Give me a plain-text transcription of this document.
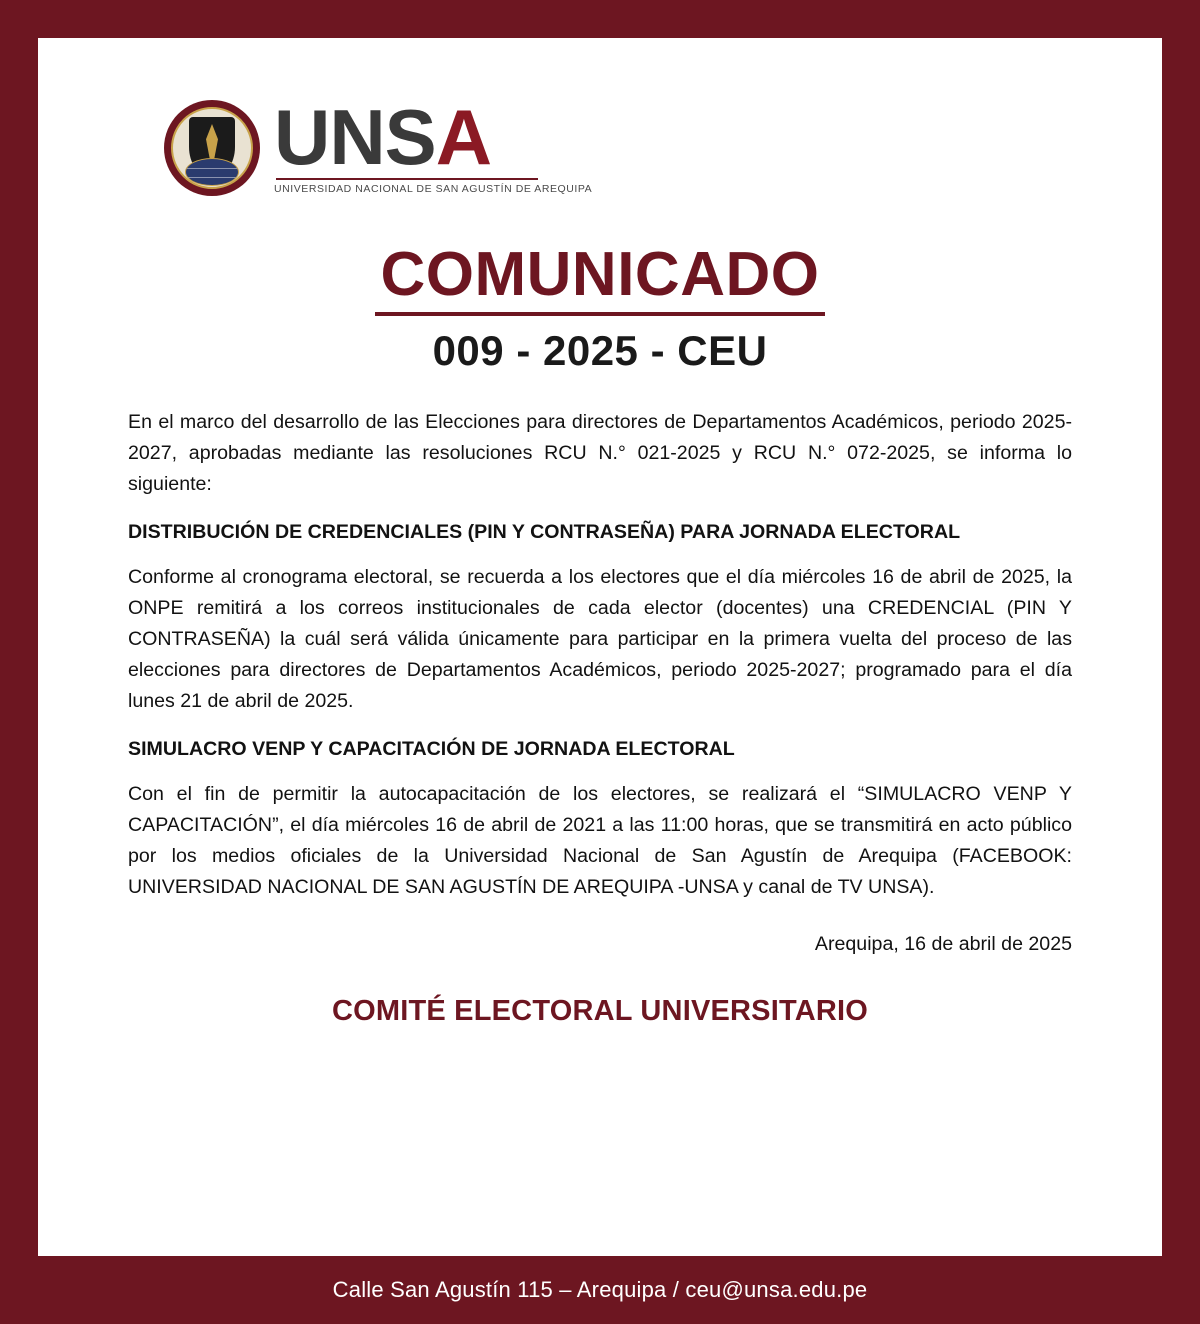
UNSA
UNIVERSIDAD NACIONAL DE SAN AGUSTÍN DE AREQUIPA
COMUNICADO
009 - 2025 - CEU

En el marco del desarrollo de las Elecciones para directores de Departamentos Académicos, periodo 2025-2027, aprobadas mediante las resoluciones RCU N.° 021-2025 y RCU N.° 072-2025, se informa lo siguiente:

DISTRIBUCIÓN DE CREDENCIALES (PIN Y CONTRASEÑA) PARA JORNADA ELECTORAL

Conforme al cronograma electoral, se recuerda a los electores que el día miércoles 16 de abril de 2025, la ONPE remitirá a los correos institucionales de cada elector (docentes) una CREDENCIAL (PIN Y CONTRASEÑA) la cuál será válida únicamente para participar en la primera vuelta del proceso de las elecciones para directores de Departamentos Académicos, periodo 2025-2027; programado para el día lunes 21 de abril de 2025.

SIMULACRO VENP Y CAPACITACIÓN DE JORNADA ELECTORAL

Con el fin de permitir la autocapacitación de los electores, se realizará el “SIMULACRO VENP Y CAPACITACIÓN”, el día miércoles 16 de abril de 2021 a las 11:00 horas, que se transmitirá en acto público por los medios oficiales de la Universidad Nacional de San Agustín de Arequipa (FACEBOOK: UNIVERSIDAD NACIONAL DE SAN AGUSTÍN DE AREQUIPA -UNSA y canal de TV UNSA).

Arequipa, 16 de abril de 2025
COMITÉ ELECTORAL UNIVERSITARIO
Calle San Agustín 115 – Arequipa / ceu@unsa.edu.pe
